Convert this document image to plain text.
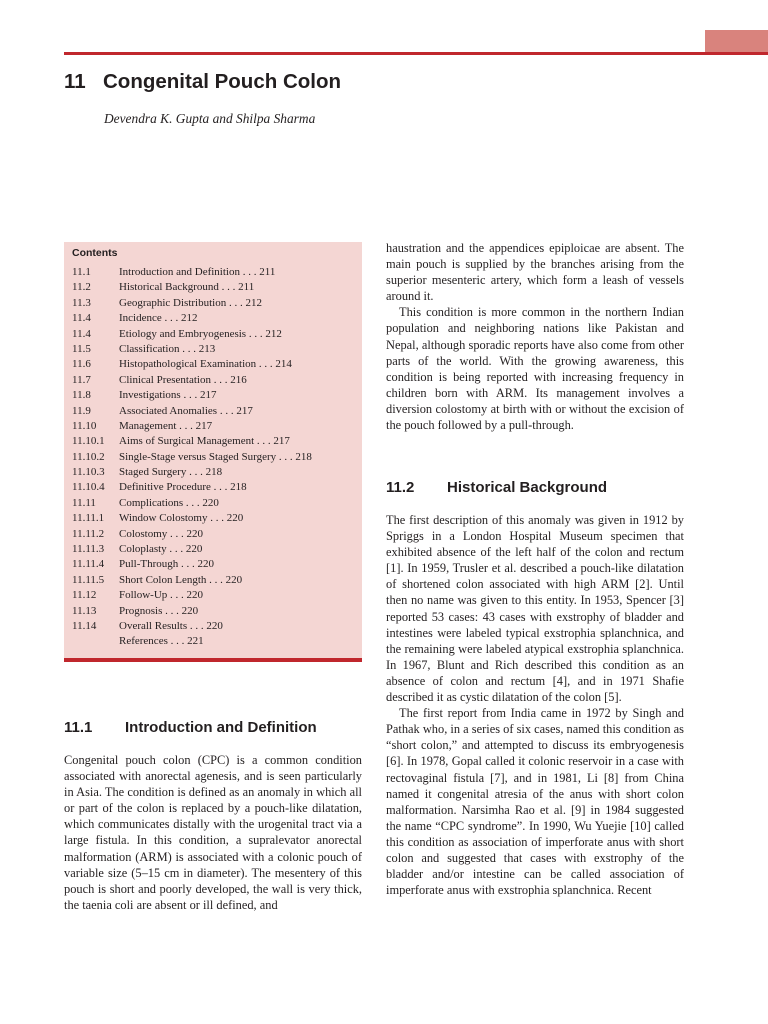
11 Congenital Pouch Colon
Devendra K. Gupta and Shilpa Sharma
Contents
11.1	Introduction and Definition . . . 211
11.2	Historical Background . . . 211
11.3	Geographic Distribution . . . 212
11.4	Incidence . . . 212
11.4	Etiology and Embryogenesis . . . 212
11.5	Classification . . . 213
11.6	Histopathological Examination . . . 214
11.7	Clinical Presentation . . . 216
11.8	Investigations . . . 217
11.9	Associated Anomalies . . . 217
11.10 Management . . . 217
11.10.1 Aims of Surgical Management . . . 217
11.10.2 Single-Stage versus Staged Surgery . . . 218
11.10.3 Staged Surgery . . . 218
11.10.4 Definitive Procedure . . . 218
11.11 Complications . . . 220
11.11.1 Window Colostomy . . . 220
11.11.2 Colostomy . . . 220
11.11.3 Coloplasty . . . 220
11.11.4 Pull-Through . . . 220
11.11.5 Short Colon Length . . . 220
11.12 Follow-Up . . . 220
11.13 Prognosis . . . 220
11.14 Overall Results . . . 220
References . . . 221
11.1 Introduction and Definition

Congenital pouch colon (CPC) is a common condition associated with anorectal agenesis, and is seen particularly in Asia. The condition is defined as an anomaly in which all or part of the colon is replaced by a pouch-like dilatation, which communicates distally with the urogenital tract via a large fistula. In this condition, a supralevator anorectal malformation (ARM) is associated with a colonic pouch of variable size (5–15 cm in diameter). The mesentery of this pouch is short and poorly developed, the wall is very thick, the taenia coli are absent or ill defined, and

haustration and the appendices epiploicae are absent. The main pouch is supplied by the branches arising from the superior mesenteric artery, which form a leash of vessels around it.

This condition is more common in the northern Indian population and neighboring nations like Pakistan and Nepal, although sporadic reports have also come from other parts of the world. With the growing awareness, this condition is being reported with increasing frequency in children born with ARM. Its management involves a diversion colostomy at birth with or without the excision of the pouch followed by a pull-through.

11.2 Historical Background

The first description of this anomaly was given in 1912 by Spriggs in a London Hospital Museum specimen that exhibited absence of the left half of the colon and rectum [1]. In 1959, Trusler et al. described a pouch-like dilatation of shortened colon associated with high ARM [2]. Until then no name was given to this entity. In 1953, Spencer [3] reported 53 cases: 43 cases with exstrophy of bladder and intestines were labeled typical exstrophia splanchnica, and the remaining were labeled atypical exstrophia splanchnica. In 1967, Blunt and Rich described this condition as an absence of colon and rectum [4], and in 1971 Shafie described it as cystic dilatation of the colon [5].

The first report from India came in 1972 by Singh and Pathak who, in a series of six cases, named this condition as “short colon,” and attempted to discuss its embryogenesis [6]. In 1978, Gopal called it colonic reservoir in a case with rectovaginal fistula [7], and in 1981, Li [8] from China named it congenital atresia of the anus with short colon malformation. Narsimha Rao et al. [9] in 1984 suggested the name “CPC syndrome”. In 1990, Wu Yuejie [10] called this condition as association of imperforate anus with short colon and suggested that cases with exstrophy of the bladder and/or intestine can be called association of imperforate anus with exstrophia splanchnica. Recent
